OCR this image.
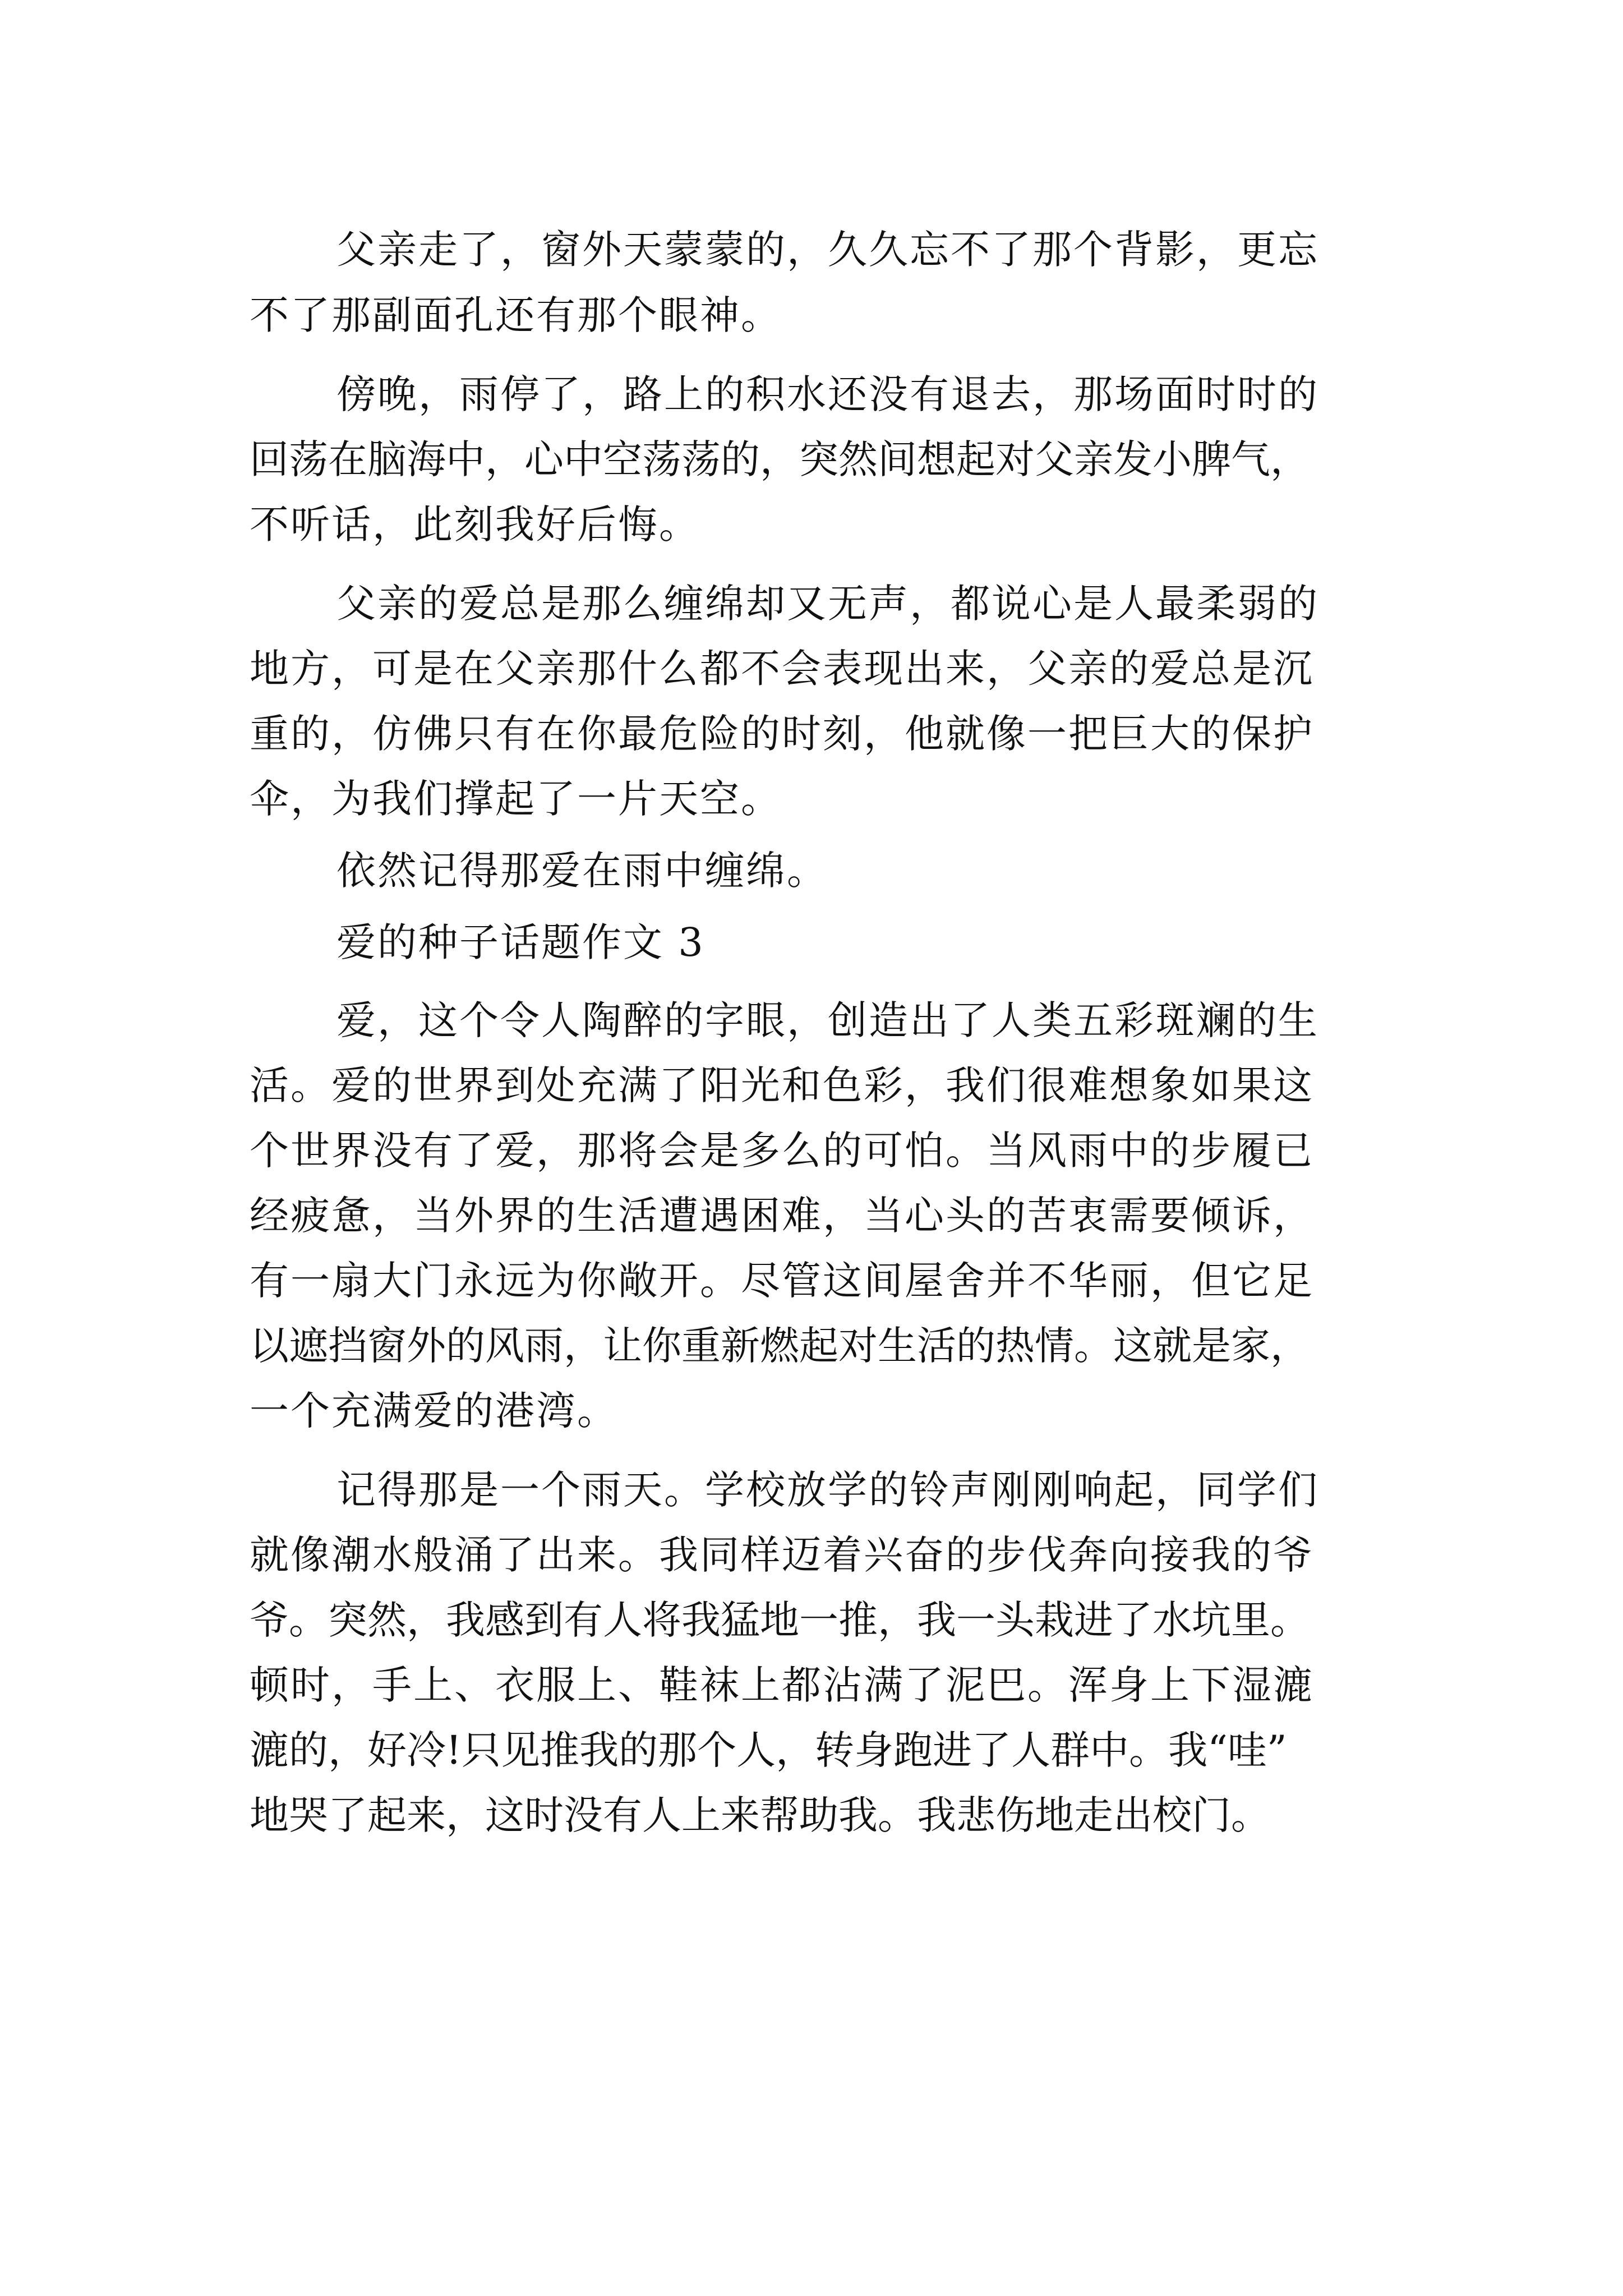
父亲走了，窗外天蒙蒙的，久久忘不了那个背影，更忘
不了那副面孔还有那个眼神。
傍晚，雨停了，路上的积水还没有退去，那场面时时的
回荡在脑海中，心中空荡荡的，突然间想起对父亲发小脾气，
不听话，此刻我好后悔。
父亲的爱总是那么缠绵却又无声，都说心是人最柔弱的
地方，可是在父亲那什么都不会表现出来，父亲的爱总是沉
重的，仿佛只有在你最危险的时刻，他就像一把巨大的保护
伞，为我们撑起了一片天空。
依然记得那爱在雨中缠绵。
爱的种子话题作文 3
爱，这个令人陶醉的字眼，创造出了人类五彩斑斓的生
活。爱的世界到处充满了阳光和色彩，我们很难想象如果这
个世界没有了爱，那将会是多么的可怕。当风雨中的步履已
经疲惫，当外界的生活遭遇困难，当心头的苦衷需要倾诉，
有一扇大门永远为你敞开。尽管这间屋舍并不华丽，但它足
以遮挡窗外的风雨，让你重新燃起对生活的热情。这就是家，
一个充满爱的港湾。
记得那是一个雨天。学校放学的铃声刚刚响起，同学们
就像潮水般涌了出来。我同样迈着兴奋的步伐奔向接我的爷
爷。突然，我感到有人将我猛地一推，我一头栽进了水坑里。
顿时，手上、衣服上、鞋袜上都沾满了泥巴。浑身上下湿漉
漉的，好冷!只见推我的那个人，转身跑进了人群中。我“哇”
地哭了起来，这时没有人上来帮助我。我悲伤地走出校门。
